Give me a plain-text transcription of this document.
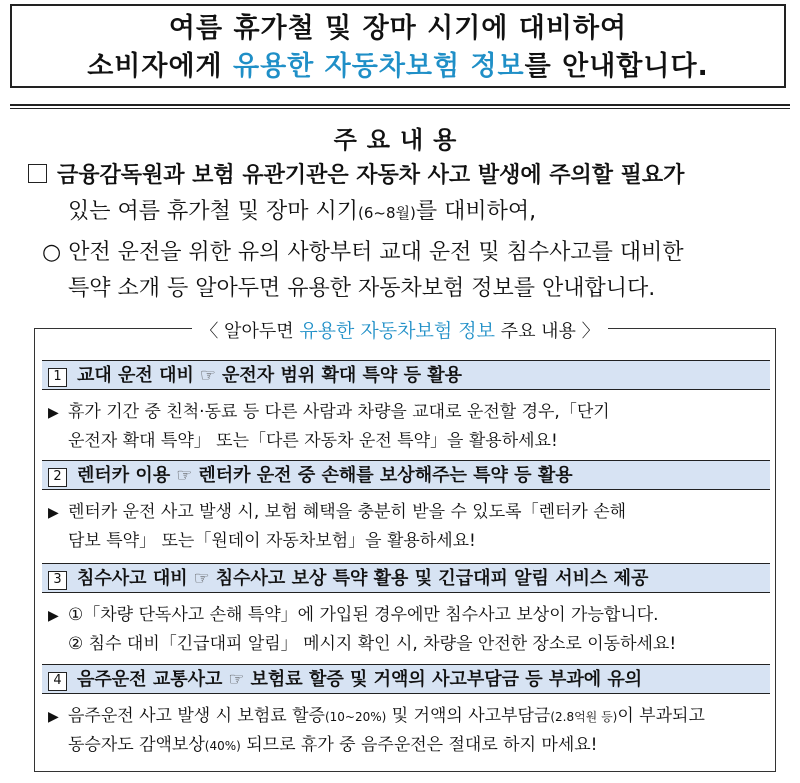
여름 휴가철 및 장마 시기에 대비하여
소비자에게 유용한 자동차보험 정보를 안내합니다.
주요내용
금융감독원과 보험 유관기관은 자동차 사고 발생에 주의할 필요가
있는 여름 휴가철 및 장마 시기(6~8월)를 대비하여,
○ 안전 운전을 위한 유의 사항부터 교대 운전 및 침수사고를 대비한
특약 소개 등 알아두면 유용한 자동차보험 정보를 안내합니다.
〈 알아두면 유용한 자동차보험 정보 주요 내용 〉
1 교대 운전 대비 ☞ 운전자 범위 확대 특약 등 활용
▶ 휴가 기간 중 친척·동료 등 다른 사람과 차량을 교대로 운전할 경우,「단기
운전자 확대 특약」 또는「다른 자동차 운전 특약」을 활용하세요!
2 렌터카 이용 ☞ 렌터카 운전 중 손해를 보상해주는 특약 등 활용
▶ 렌터카 운전 사고 발생 시, 보험 혜택을 충분히 받을 수 있도록「렌터카 손해
담보 특약」 또는「원데이 자동차보험」을 활용하세요!
3 침수사고 대비 ☞ 침수사고 보상 특약 활용 및 긴급대피 알림 서비스 제공
▶ ①「차량 단독사고 손해 특약」에 가입된 경우에만 침수사고 보상이 가능합니다.
② 침수 대비「긴급대피 알림」 메시지 확인 시, 차량을 안전한 장소로 이동하세요!
4 음주운전 교통사고 ☞ 보험료 할증 및 거액의 사고부담금 등 부과에 유의
▶ 음주운전 사고 발생 시 보험료 할증(10~20%) 및 거액의 사고부담금(2.8억원 등)이 부과되고
동승자도 감액보상(40%) 되므로 휴가 중 음주운전은 절대로 하지 마세요!
